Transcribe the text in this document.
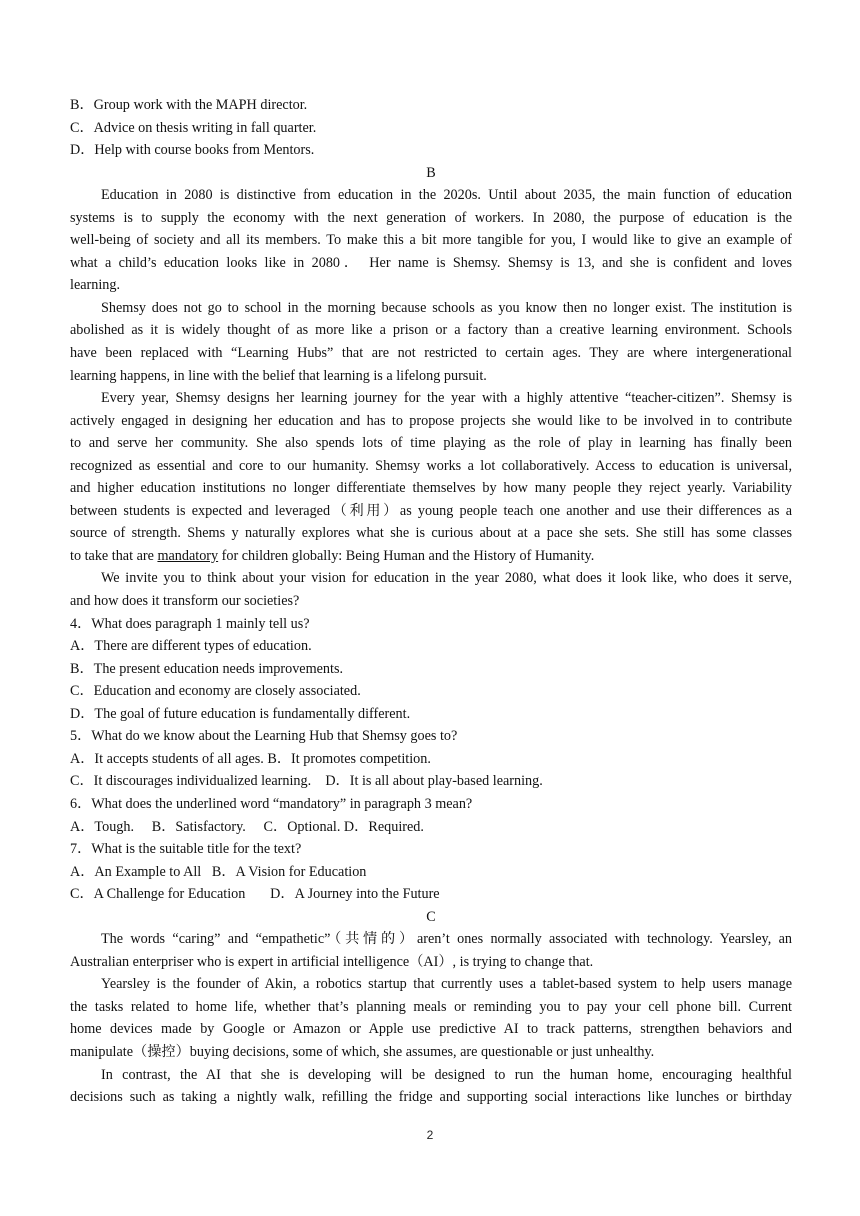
B．Group work with the MAPH director.
C．Advice on thesis writing in fall quarter.
D．Help with course books from Mentors.
B
Education in 2080 is distinctive from education in the 2020s. Until about 2035, the main function of education
systems is to supply the economy with the next generation of workers. In 2080, the purpose of education is the
well-being of society and all its members. To make this a bit more tangible for you, I would like to give an example of
what a child’s education looks like in 2080． Her name is Shemsy. Shemsy is 13, and she is confident and loves
learning.
Shemsy does not go to school in the morning because schools as you know then no longer exist. The institution is
abolished as it is widely thought of as more like a prison or a factory than a creative learning environment. Schools
have been replaced with “Learning Hubs” that are not restricted to certain ages. They are where intergenerational
learning happens, in line with the belief that learning is a lifelong pursuit.
Every year, Shemsy designs her learning journey for the year with a highly attentive “teacher-citizen”. Shemsy is
actively engaged in designing her education and has to propose projects she would like to be involved in to contribute
to and serve her community. She also spends lots of time playing as the role of play in learning has finally been
recognized as essential and core to our humanity. Shemsy works a lot collaboratively. Access to education is universal,
and higher education institutions no longer differentiate themselves by how many people they reject yearly. Variability
between students is expected and leveraged（利用）as young people teach one another and use their differences as a
source of strength. Shems y naturally explores what she is curious about at a pace she sets. She still has some classes
to take that are mandatory for children globally: Being Human and the History of Humanity.
We invite you to think about your vision for education in the year 2080, what does it look like, who does it serve,
and how does it transform our societies?
4．What does paragraph 1 mainly tell us?
A．There are different types of education.
B．The present education needs improvements.
C．Education and economy are closely associated.
D．The goal of future education is fundamentally different.
5．What do we know about the Learning Hub that Shemsy goes to?
A．It accepts students of all ages. B．It promotes competition.
C．It discourages individualized learning.    D．It is all about play-based learning.
6．What does the underlined word “mandatory” in paragraph 3 mean?
A．Tough.     B．Satisfactory.     C．Optional. D．Required.
7．What is the suitable title for the text?
A．An Example to All   B．A Vision for Education
C．A Challenge for Education       D．A Journey into the Future
C
The words “caring” and “empathetic”（共情的）aren’t ones normally associated with technology. Yearsley, an
Australian enterpriser who is expert in artificial intelligence（AI）, is trying to change that.
Yearsley is the founder of Akin, a robotics startup that currently uses a tablet-based system to help users manage
the tasks related to home life, whether that’s planning meals or reminding you to pay your cell phone bill. Current
home devices made by Google or Amazon or Apple use predictive AI to track patterns, strengthen behaviors and
manipulate（操控）buying decisions, some of which, she assumes, are questionable or just unhealthy.
In contrast, the AI that she is developing will be designed to run the human home, encouraging healthful
decisions such as taking a nightly walk, refilling the fridge and supporting social interactions like lunches or birthday
2
